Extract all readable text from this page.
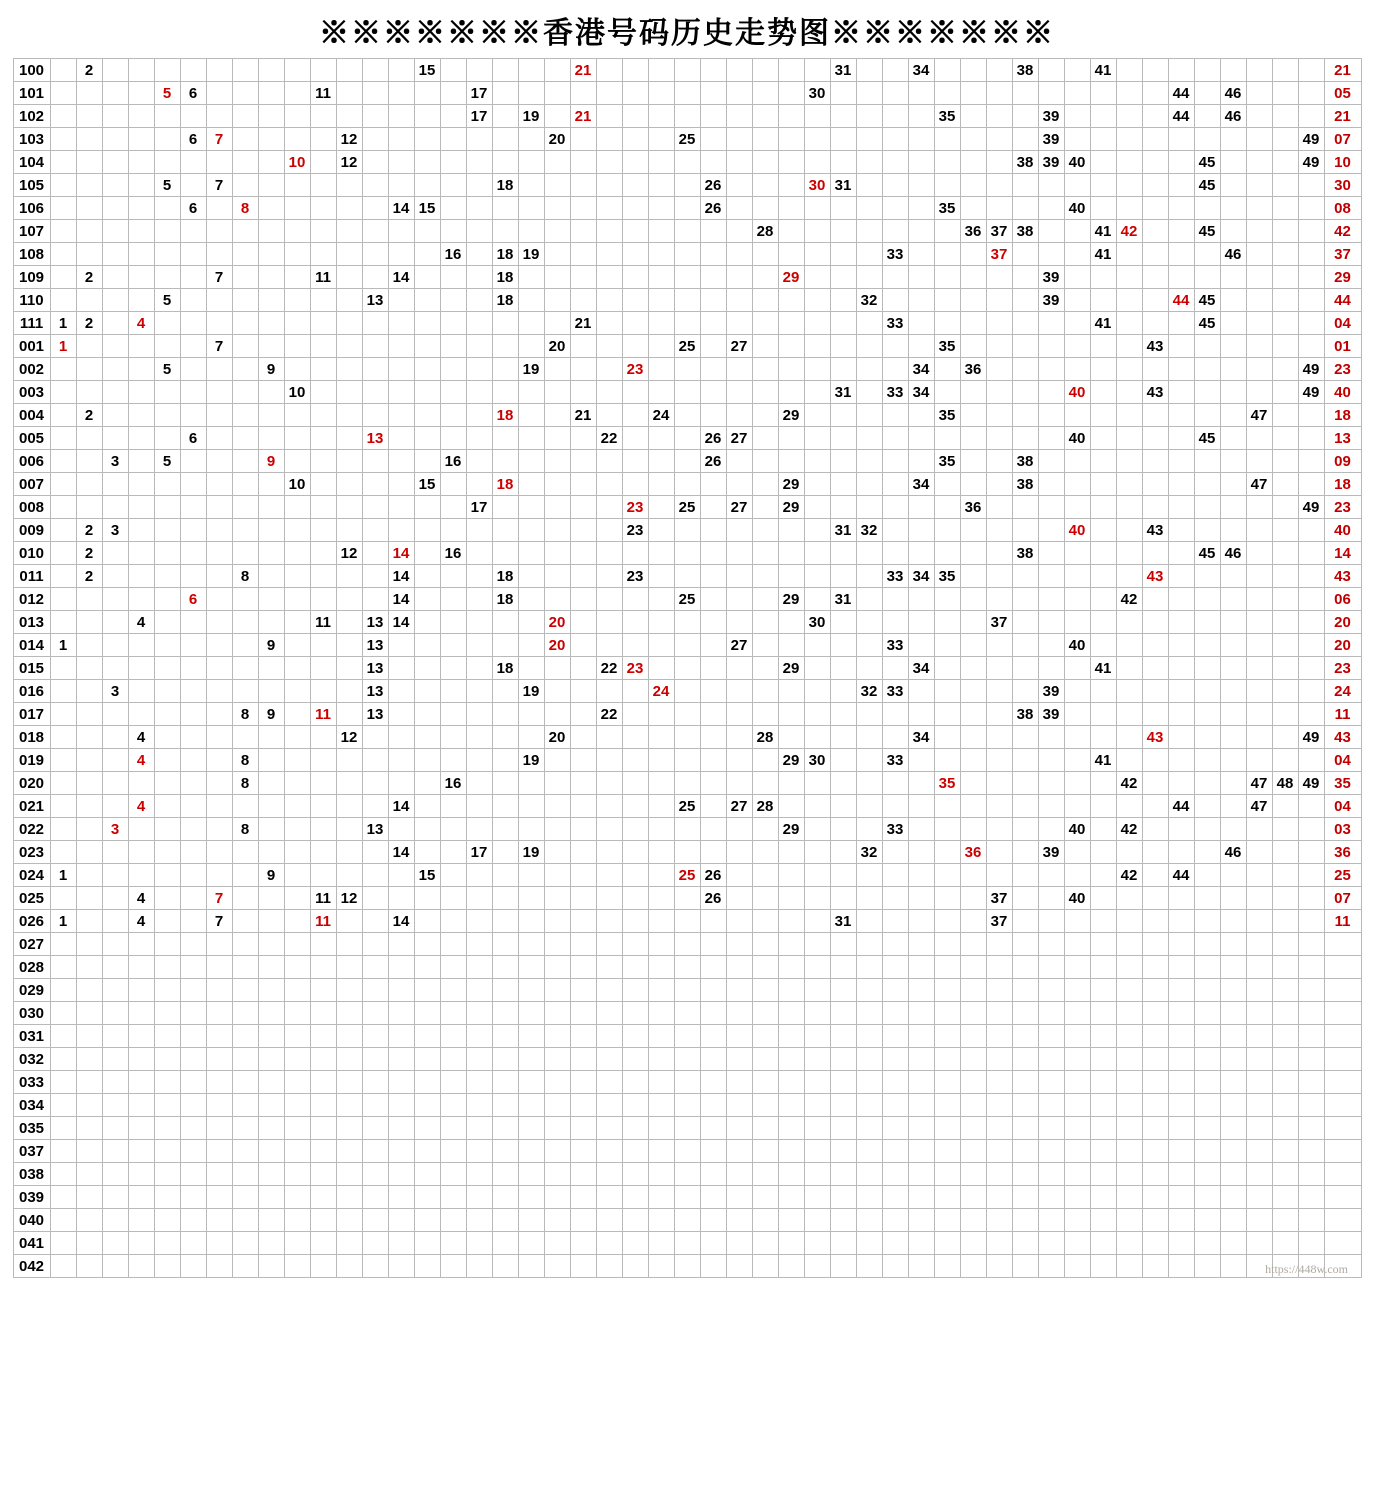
※※※※※※※香港号码历史走势图※※※※※※※
100		2													15						21										31			34				38			41									21
101					5	6					11						17													30														44		46				05
102																	17		19		21														35				39					44		46				21
103						6	7					12								20					25														39										49	07
104										10		12																										38	39	40					45				49	10
105					5		7											18								26				30	31														45					30
106						6		8						14	15											26									35					40										08
107																												28								36	37	38			41	42			45					42
108																16		18	19														33				37				41					46				37
109		2					7				11			14				18											29										39											29
110					5								13					18														32							39					44	45					44
111	1	2		4																	21												33								41				45					04
001	1						7													20					25		27								35								43							01
002					5				9										19				23											34		36													49	23
003										10																					31		33	34						40			43						49	40
004		2																18			21			24					29						35												47			18
005						6							13									22				26	27													40					45					13
006			3		5				9							16										26									35			38												09
007										10					15			18											29					34				38									47			18
008																	17						23		25		27		29							36													49	23
009		2	3																				23								31	32								40			43							40
010		2										12		14		16																						38							45	46				14
011		2						8						14				18					23										33	34	35								43							43
012						6								14				18							25				29		31											42								06
013				4							11		13	14						20										30							37													20
014	1								9				13							20							27						33							40										20
015													13					18				22	23						29					34							41									23
016			3										13						19					24								32	33						39											24
017								8	9		11		13									22																38	39											11
018				4								12								20								28						34									43						49	43
019				4				8											19										29	30			33								41									04
020								8								16																			35							42					47	48	49	35
021				4										14											25		27	28																44			47			04
022			3					8					13																29				33							40		42								03
023														14			17		19													32				36			39							46				36
024	1								9						15										25	26																42		44						25
025				4			7				11	12														26											37			40										07
026	1			4			7				11			14																	31						37													11
027																																																		
028																																																		
029																																																		
030																																																		
031																																																		
032																																																		
033																																																		
034																																																		
035																																																		
037																																																		
038																																																		
039																																																		
040																																																		
041																																																		
042																																																			https://448w.com
